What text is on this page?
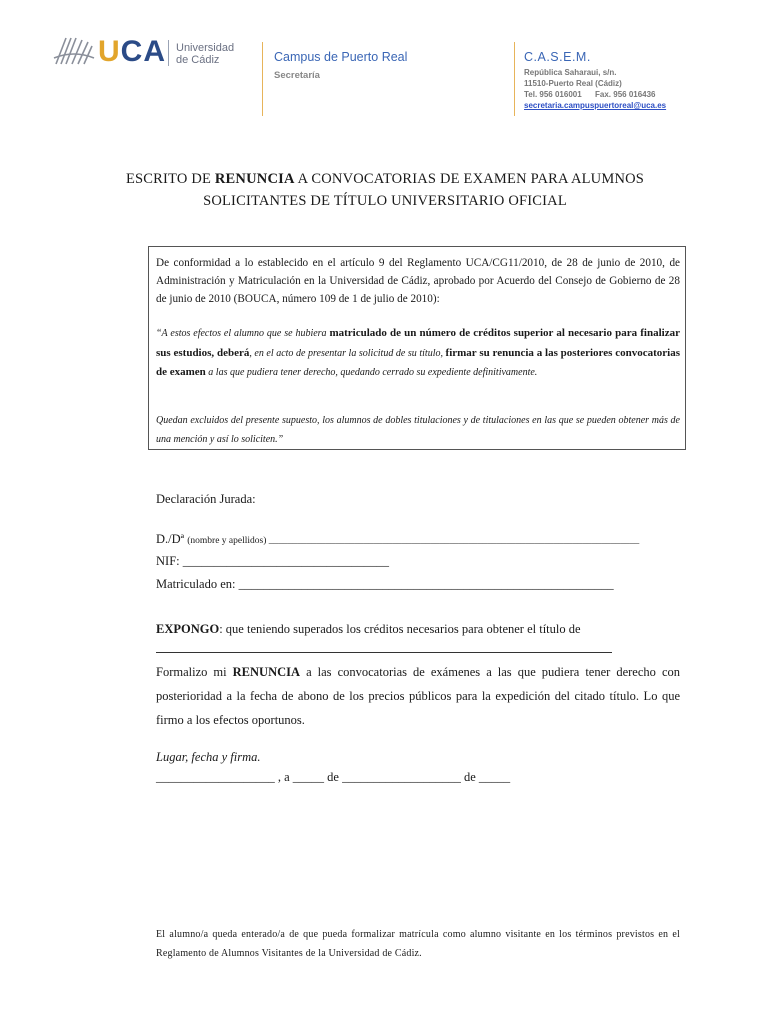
UCA Universidad
de Cádiz	Campus de Puerto Real
Secretaría
C.A.S.E.M.
República Saharaui, s/n.
11510-Puerto Real (Cádiz)
Tel. 956 016001      Fax. 956 016436
secretaria.campuspuertoreal@uca.es
ESCRITO DE RENUNCIA A CONVOCATORIAS DE EXAMEN PARA ALUMNOS
SOLICITANTES DE TÍTULO UNIVERSITARIO OFICIAL
De conformidad a lo establecido en el artículo 9 del Reglamento UCA/CG11/2010, de 28 de junio de 2010, de Administración y Matriculación en la Universidad de Cádiz, aprobado por Acuerdo del Consejo de Gobierno de 28 de junio de 2010 (BOUCA, número 109 de 1 de julio de 2010):
“A estos efectos el alumno que se hubiera matriculado de un número de créditos superior al necesario para finalizar sus estudios, deberá, en el acto de presentar la solicitud de su título, firmar su renuncia a las posteriores convocatorias de examen a las que pudiera tener derecho, quedando cerrado su expediente definitivamente.
Quedan excluidos del presente supuesto, los alumnos de dobles titulaciones y de titulaciones en las que se pueden obtener más de una mención y así lo soliciten.”
Declaración Jurada:
D./Dª (nombre y apellidos) ______________________________________________________________________________
NIF: _________________________________
Matriculado en: ____________________________________________________________
EXPONGO: que teniendo superados los créditos necesarios para obtener el título de
Formalizo mi RENUNCIA a las convocatorias de exámenes a las que pudiera tener derecho con posterioridad a la fecha de abono de los precios públicos para la expedición del citado título. Lo que firmo a los efectos oportunos.
Lugar, fecha y firma.
___________________ , a _____ de ___________________ de _____
El alumno/a queda enterado/a de que pueda formalizar matrícula como alumno visitante en los términos previstos en el Reglamento de Alumnos Visitantes de la Universidad de Cádiz.
